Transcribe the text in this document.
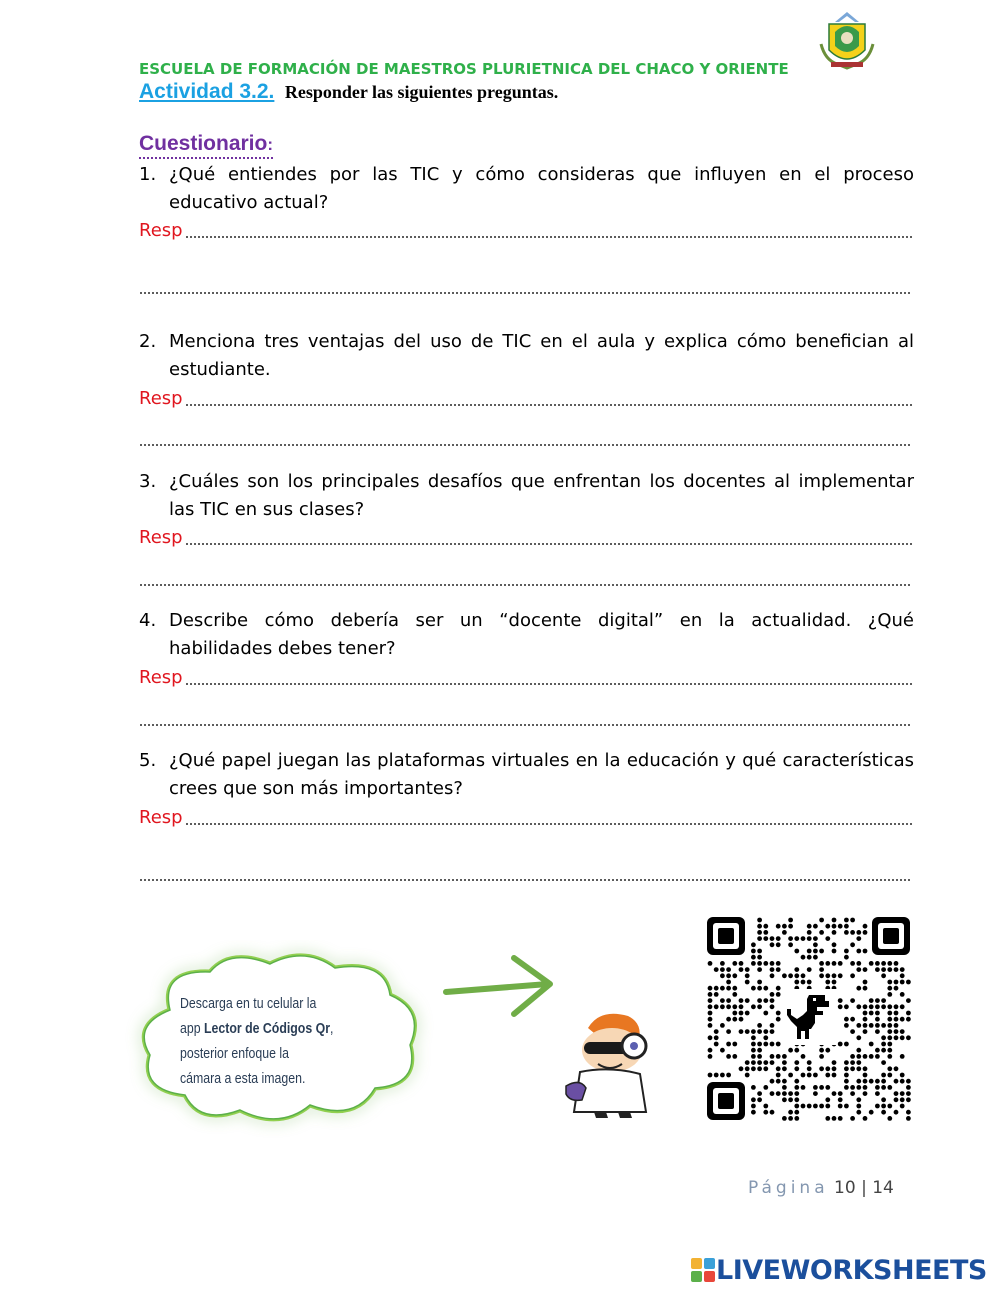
ESCUELA DE FORMACIÓN DE MAESTROS PLURIETNICA DEL CHACO Y ORIENTE
Actividad 3.2. Responder las siguientes preguntas.
Cuestionario:
1. ¿Qué entiendes por las TIC y cómo consideras que influyen en el proceso educativo actual?
Resp
2. Menciona tres ventajas del uso de TIC en el aula y explica cómo benefician al estudiante.
Resp
3. ¿Cuáles son los principales desafíos que enfrentan los docentes al implementar las TIC en sus clases?
Resp
4. Describe cómo debería ser un “docente digital” en la actualidad. ¿Qué habilidades debes tener?
Resp
5. ¿Qué papel juegan las plataformas virtuales en la educación y qué características crees que son más importantes?
Resp
Descarga en tu celular la
app Lector de Códigos Qr,
posterior enfoque la
cámara a esta imagen.
Página 10 | 14
LIVEWORKSHEETS
